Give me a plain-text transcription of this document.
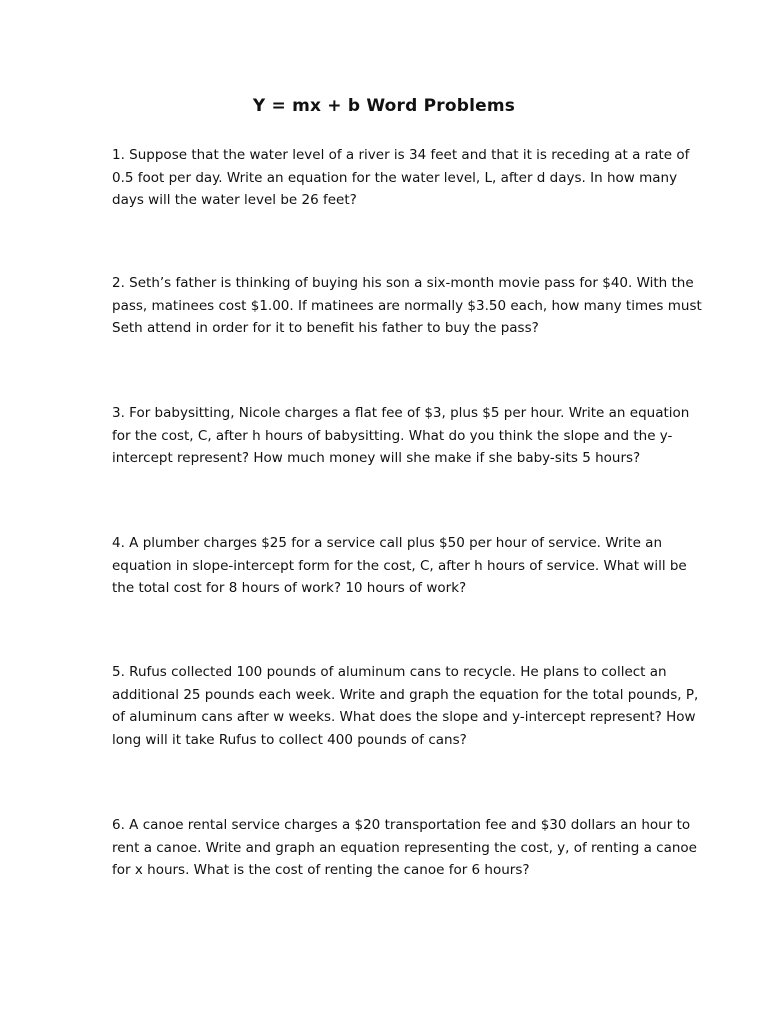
Y = mx + b Word Problems
1. Suppose that the water level of a river is 34 feet and that it is receding at a rate of
0.5 foot per day. Write an equation for the water level, L, after d days. In how many
days will the water level be 26 feet?
2. Seth’s father is thinking of buying his son a six-month movie pass for $40. With the
pass, matinees cost $1.00. If matinees are normally $3.50 each, how many times must
Seth attend in order for it to benefit his father to buy the pass?
3. For babysitting, Nicole charges a flat fee of $3, plus $5 per hour. Write an equation
for the cost, C, after h hours of babysitting. What do you think the slope and the y-
intercept represent? How much money will she make if she baby-sits 5 hours?
4. A plumber charges $25 for a service call plus $50 per hour of service. Write an
equation in slope-intercept form for the cost, C, after h hours of service. What will be
the total cost for 8 hours of work? 10 hours of work?
5. Rufus collected 100 pounds of aluminum cans to recycle. He plans to collect an
additional 25 pounds each week. Write and graph the equation for the total pounds, P,
of aluminum cans after w weeks. What does the slope and y-intercept represent? How
long will it take Rufus to collect 400 pounds of cans?
6. A canoe rental service charges a $20 transportation fee and $30 dollars an hour to
rent a canoe. Write and graph an equation representing the cost, y, of renting a canoe
for x hours. What is the cost of renting the canoe for 6 hours?
